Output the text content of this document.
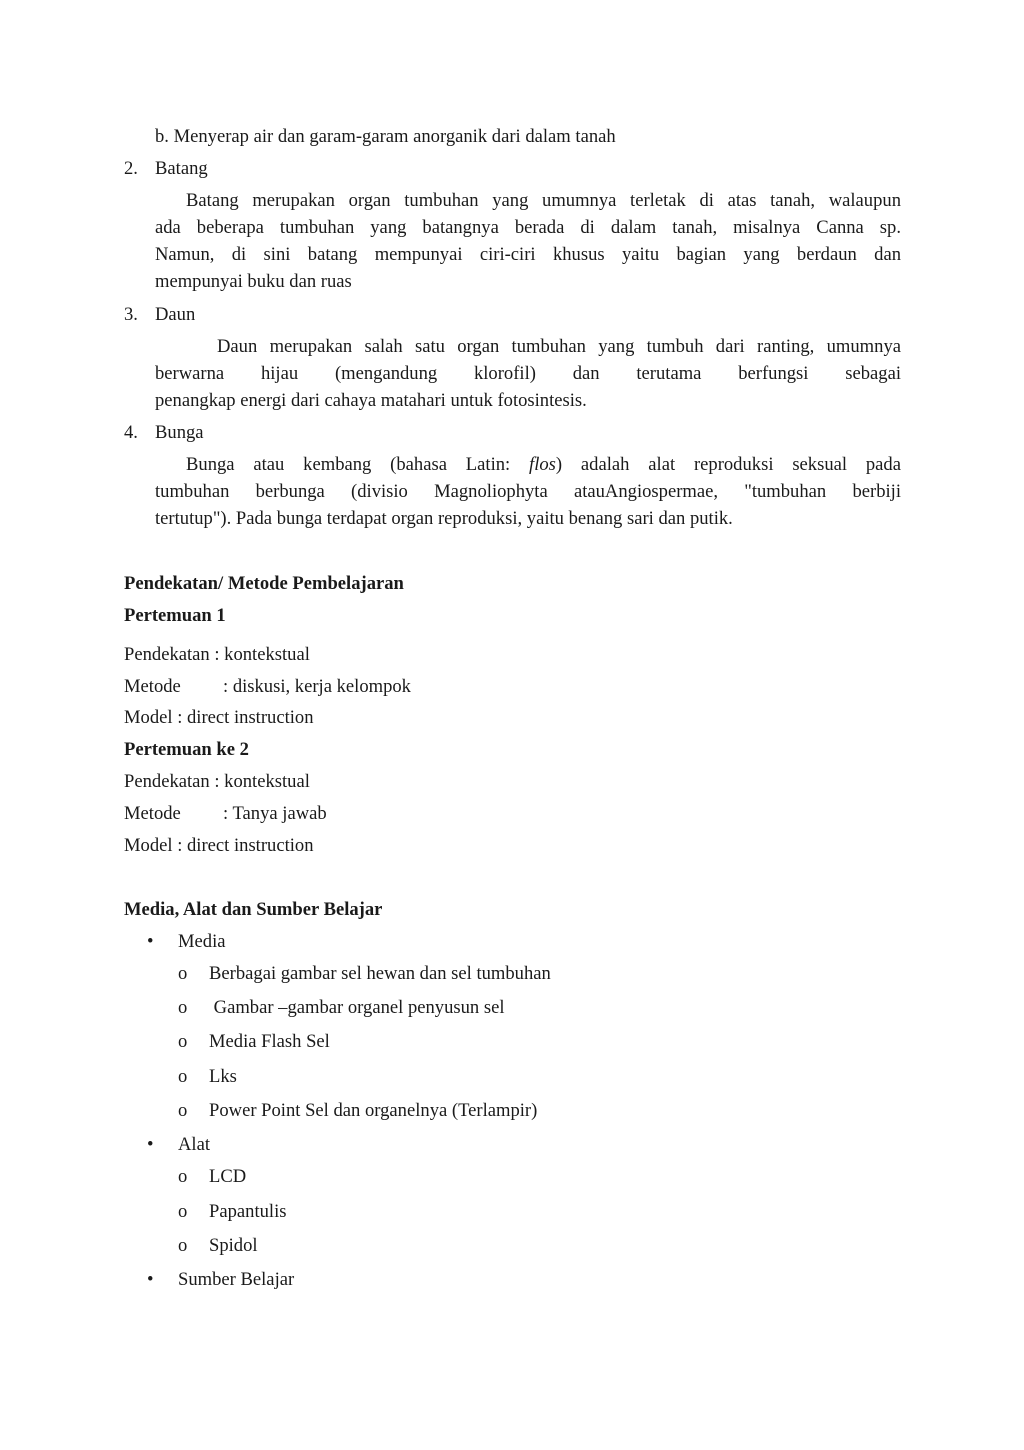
b. Menyerap air dan garam-garam anorganik dari dalam tanah
2. Batang
Batang merupakan organ tumbuhan yang umumnya terletak di atas tanah, walaupun
ada beberapa tumbuhan yang batangnya berada di dalam tanah, misalnya Canna sp.
Namun, di sini batang mempunyai ciri-ciri khusus yaitu bagian yang berdaun dan
mempunyai buku dan ruas
3. Daun
Daun merupakan salah satu organ tumbuhan yang tumbuh dari ranting, umumnya
berwarna hijau (mengandung klorofil) dan terutama berfungsi sebagai
penangkap energi dari cahaya matahari untuk fotosintesis.
4. Bunga
Bunga atau kembang (bahasa Latin: flos) adalah alat reproduksi seksual pada
tumbuhan berbunga (divisio Magnoliophyta atauAngiospermae, "tumbuhan berbiji
tertutup"). Pada bunga terdapat organ reproduksi, yaitu benang sari dan putik.
Pendekatan/ Metode Pembelajaran
Pertemuan 1
Pendekatan : kontekstual
Metode : diskusi, kerja kelompok
Model : direct instruction
Pertemuan ke 2
Pendekatan : kontekstual
Metode : Tanya jawab
Model : direct instruction
Media, Alat dan Sumber Belajar
• Media
o Berbagai gambar sel hewan dan sel tumbuhan
o Gambar –gambar organel penyusun sel
o Media Flash Sel
o Lks
o Power Point Sel dan organelnya (Terlampir)
• Alat
o LCD
o Papantulis
o Spidol
• Sumber Belajar
